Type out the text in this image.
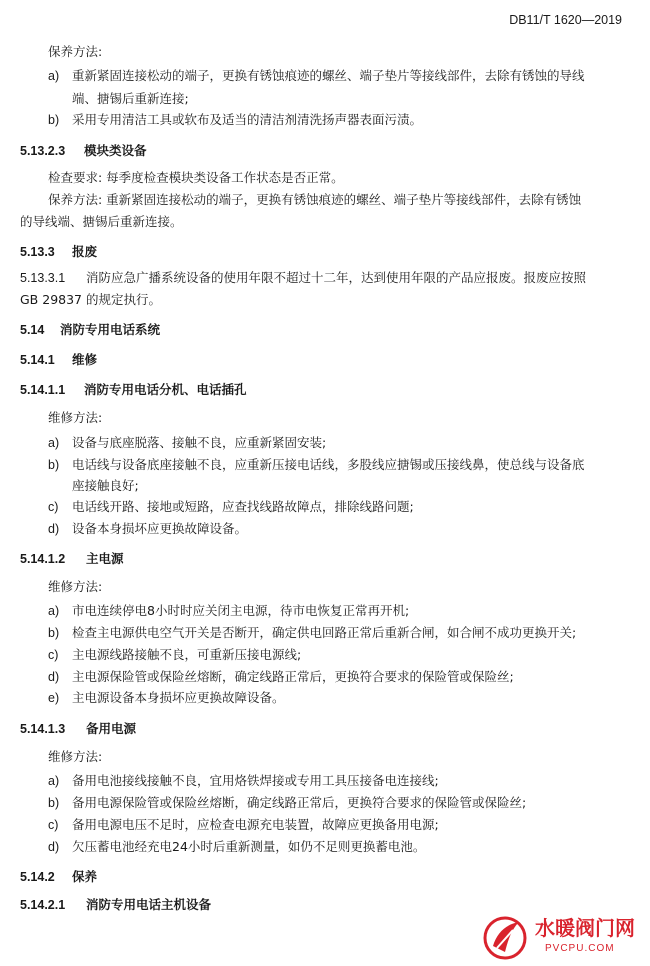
DB11/T 1620—2019
保养方法:
a) 重新紧固连接松动的端子，更换有锈蚀痕迹的螺丝、端子垫片等接线部件，去除有锈蚀的导线
端、搪锡后重新连接;
b) 采用专用清洁工具或软布及适当的清洁剂清洗扬声器表面污渍。
5.13.2.3 模块类设备
检查要求: 每季度检查模块类设备工作状态是否正常。
保养方法: 重新紧固连接松动的端子，更换有锈蚀痕迹的螺丝、端子垫片等接线部件，去除有锈蚀
的导线端、搪锡后重新连接。
5.13.3 报废
5.13.3.1 消防应急广播系统设备的使用年限不超过十二年，达到使用年限的产品应报废。报废应按照
GB 29837 的规定执行。
5.14 消防专用电话系统
5.14.1 维修
5.14.1.1 消防专用电话分机、电话插孔
维修方法:
a) 设备与底座脱落、接触不良，应重新紧固安装;
b) 电话线与设备底座接触不良，应重新压接电话线，多股线应搪锡或压接线鼻，使总线与设备底
座接触良好;
c) 电话线开路、接地或短路，应查找线路故障点，排除线路问题;
d) 设备本身损坏应更换故障设备。
5.14.1.2 主电源
维修方法:
a) 市电连续停电8小时时应关闭主电源，待市电恢复正常再开机;
b) 检查主电源供电空气开关是否断开，确定供电回路正常后重新合闸，如合闸不成功更换开关;
c) 主电源线路接触不良，可重新压接电源线;
d) 主电源保险管或保险丝熔断，确定线路正常后，更换符合要求的保险管或保险丝;
e) 主电源设备本身损坏应更换故障设备。
5.14.1.3 备用电源
维修方法:
a) 备用电池接线接触不良，宜用烙铁焊接或专用工具压接备电连接线;
b) 备用电源保险管或保险丝熔断，确定线路正常后，更换符合要求的保险管或保险丝;
c) 备用电源电压不足时，应检查电源充电装置，故障应更换备用电源;
d) 欠压蓄电池经充电24小时后重新测量，如仍不足则更换蓄电池。
5.14.2 保养
5.14.2.1 消防专用电话主机设备
水暖阀门网
PVCPU.COM
